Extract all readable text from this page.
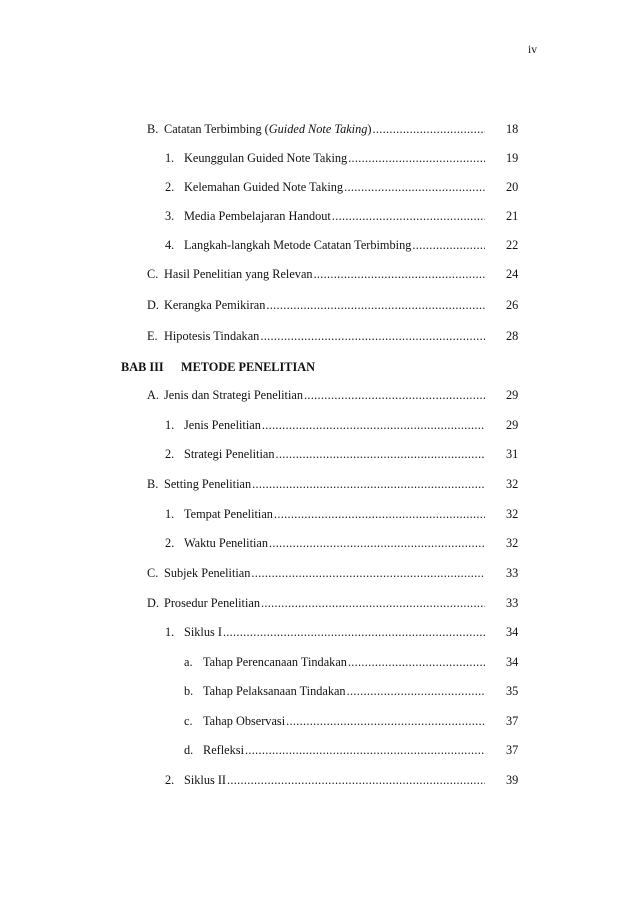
iv
B. Catatan Terbimbing (Guided Note Taking) .....	18
1. Keunggulan Guided Note Taking .....	19
2. Kelemahan Guided Note Taking .....	20
3. Media Pembelajaran Handout .....	21
4. Langkah-langkah Metode Catatan Terbimbing .....	22
C. Hasil Penelitian yang Relevan .....	24
D. Kerangka Pemikiran .....	26
E. Hipotesis Tindakan .....	28
BAB III METODE PENELITIAN
A. Jenis dan Strategi Penelitian .....	29
1. Jenis Penelitian .....	29
2. Strategi Penelitian .....	31
B. Setting Penelitian .....	32
1. Tempat Penelitian .....	32
2. Waktu Penelitian .....	32
C. Subjek Penelitian .....	33
D. Prosedur Penelitian .....	33
1. Siklus I .....	34
a. Tahap Perencanaan Tindakan .....	34
b. Tahap Pelaksanaan Tindakan .....	35
c. Tahap Observasi .....	37
d. Refleksi .....	37
2. Siklus II .....	39
